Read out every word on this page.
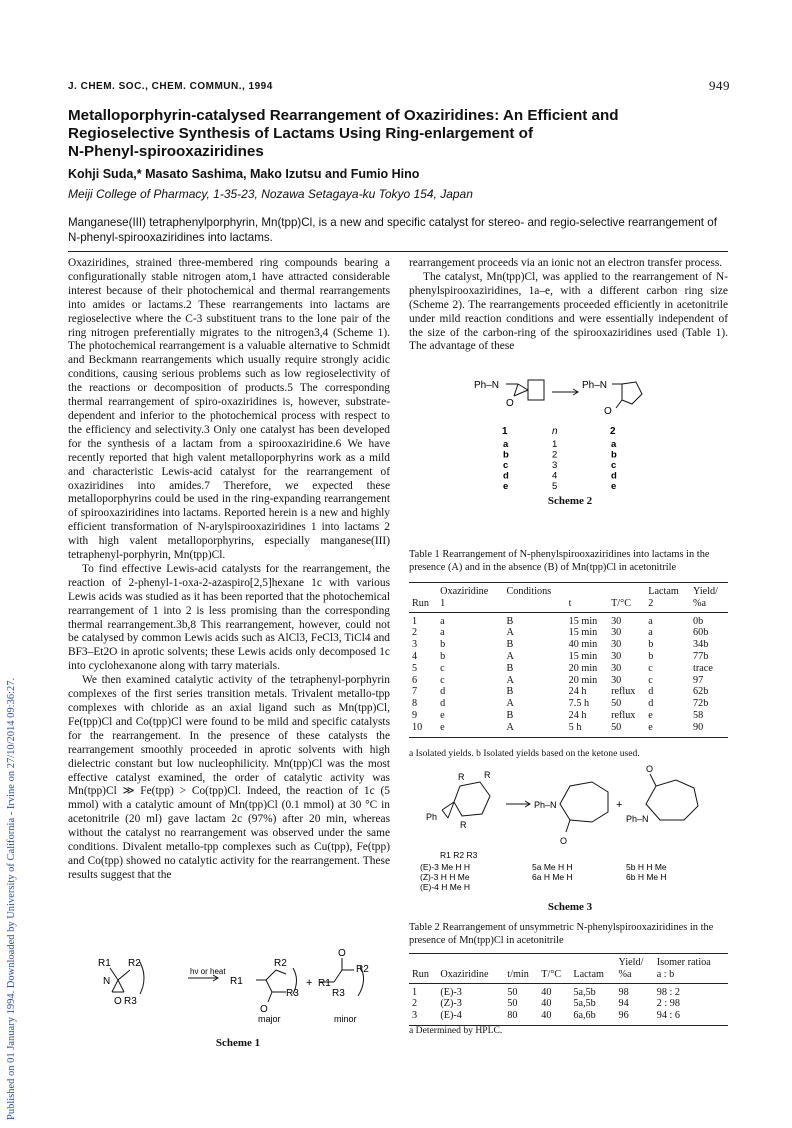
Published on 01 January 1994. Downloaded by University of California - Irvine on 27/10/2014 09:36:27.
J. CHEM. SOC., CHEM. COMMUN., 1994	949
Metalloporphyrin-catalysed Rearrangement of Oxaziridines: An Efficient and
Regioselective Synthesis of Lactams Using Ring-enlargement of
N-Phenyl-spirooxaziridines
Kohji Suda,* Masato Sashima, Mako Izutsu and Fumio Hino
Meiji College of Pharmacy, 1-35-23, Nozawa Setagaya-ku Tokyo 154, Japan
Manganese(III) tetraphenylporphyrin, Mn(tpp)Cl, is a new and specific catalyst for stereo- and regio-selective rearrangement of N-phenyl-spirooxaziridines into lactams.

Oxaziridines, strained three-membered ring compounds bearing a configurationally stable nitrogen atom,1 have attracted considerable interest because of their photochemical and thermal rearrangements into amides or lactams.2 These rearrangements into lactams are regioselective where the C-3 substituent trans to the lone pair of the ring nitrogen preferentially migrates to the nitrogen3,4 (Scheme 1). The photochemical rearrangement is a valuable alternative to Schmidt and Beckmann rearrangements which usually require strongly acidic conditions, causing serious problems such as low regioselectivity of the reactions or decomposition of products.5 The corresponding thermal rearrangement of spiro-oxaziridines is, however, substrate-dependent and inferior to the photochemical process with respect to the efficiency and selectivity.3 Only one catalyst has been developed for the synthesis of a lactam from a spirooxaziridine.6 We have recently reported that high valent metalloporphyrins work as a mild and characteristic Lewis-acid catalyst for the rearrangement of oxaziridines into amides.7 Therefore, we expected these metalloporphyrins could be used in the ring-expanding rearrangement of spirooxaziridines into lactams. Reported herein is a new and highly efficient transformation of N-arylspirooxaziridines 1 into lactams 2 with high valent metalloporphyrins, especially manganese(III) tetraphenyl-porphyrin, Mn(tpp)Cl.

To find effective Lewis-acid catalysts for the rearrangement, the reaction of 2-phenyl-1-oxa-2-azaspiro[2,5]hexane 1c with various Lewis acids was studied as it has been reported that the photochemical rearrangement of 1 into 2 is less promising than the corresponding thermal rearrangement.3b,8 This rearrangement, however, could not be catalysed by common Lewis acids such as AlCl3, FeCl3, TiCl4 and BF3–Et2O in aprotic solvents; these Lewis acids only decomposed 1c into cyclohexanone along with tarry materials.

We then examined catalytic activity of the tetraphenyl-porphyrin complexes of the first series transition metals. Trivalent metallo-tpp complexes with chloride as an axial ligand such as Mn(tpp)Cl, Fe(tpp)Cl and Co(tpp)Cl were found to be mild and specific catalysts for the rearrangement. In the presence of these catalysts the rearrangement smoothly proceeded in aprotic solvents with high dielectric constant but low nucleophilicity. Mn(tpp)Cl was the most effective catalyst examined, the order of catalytic activity was Mn(tpp)Cl ≫ Fe(tpp) > Co(tpp)Cl. Indeed, the reaction of 1c (5 mmol) with a catalytic amount of Mn(tpp)Cl (0.1 mmol) at 30 °C in acetonitrile (20 ml) gave lactam 2c (97%) after 20 min, whereas without the catalyst no rearrangement was observed under the same conditions. Divalent metallo-tpp complexes such as Cu(tpp), Fe(tpp) and Co(tpp) showed no catalytic activity for the rearrangement. These results suggest that the

R1 R2
N
O R3
hν or heat
R1
R2
R3
O
+ R1
O
R2
R3
major	minor
Scheme 1

rearrangement proceeds via an ionic not an electron transfer process.

The catalyst, Mn(tpp)Cl, was applied to the rearrangement of N-phenylspirooxaziridines, 1a–e, with a different carbon ring size (Scheme 2). The rearrangements proceeded efficiently in acetonitrile under mild reaction conditions and were essentially independent of the size of the carbon-ring of the spirooxaziridines used (Table 1). The advantage of these

Ph–N
O
Ph–N
O
1	n	2
a	1	a
b	2	b
c	3	c
d	4	d
e	5	e
Scheme 2
Table 1 Rearrangement of N-phenylspirooxaziridines into lactams in the presence (A) and in the absence (B) of Mn(tpp)Cl in acetonitrile
	Oxaziridine	Conditions			Lactam	Yield/
Run	1		t	T/°C	2	%a
1	a	B	15 min	30	a	0b
2	a	A	15 min	30	a	60b
3	b	B	40 min	30	b	34b
4	b	A	15 min	30	b	77b
5	c	B	20 min	30	c	trace
6	c	A	20 min	30	c	97
7	d	B	24 h	reflux	d	62b
8	d	A	7.5 h	50	d	72b
9	e	B	24 h	reflux	e	58
10	e	A	5 h	50	e	90
a Isolated yields. b Isolated yields based on the ketone used.
R R
Ph
R
Ph–N
O
+
Ph–N
O
R1 R2 R3
(E)-3 Me H H
(Z)-3 H H Me
(E)-4 H Me H
5a Me H H
6a H Me H
5b H H Me
6b H Me H
Scheme 3
Table 2 Rearrangement of unsymmetric N-phenylspirooxaziridines in the presence of Mn(tpp)Cl in acetonitrile
					Yield/	Isomer ratioa
Run	Oxaziridine	t/min	T/°C	Lactam	%a	a : b
1	(E)-3	50	40	5a,5b	98	98 : 2
2	(Z)-3	50	40	5a,5b	94	2 : 98
3	(E)-4	80	40	6a,6b	96	94 : 6
a Determined by HPLC.
